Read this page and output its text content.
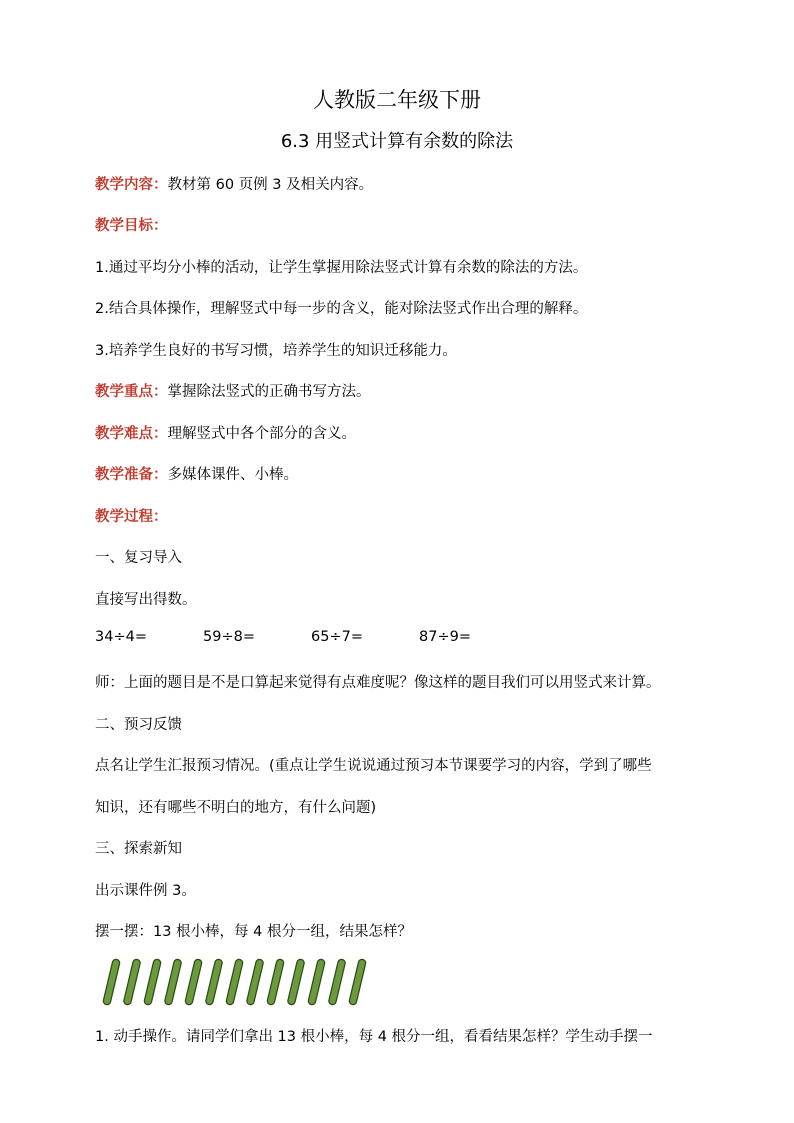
人教版二年级下册
6.3 用竖式计算有余数的除法
教学内容：教材第 60 页例 3 及相关内容。
教学目标：
1.通过平均分小棒的活动，让学生掌握用除法竖式计算有余数的除法的方法。
2.结合具体操作，理解竖式中每一步的含义，能对除法竖式作出合理的解释。
3.培养学生良好的书写习惯，培养学生的知识迁移能力。
教学重点：掌握除法竖式的正确书写方法。
教学难点：理解竖式中各个部分的含义。
教学准备：多媒体课件、小棒。
教学过程：
一、复习导入
直接写出得数。
34÷4=	59÷8=	65÷7=	87÷9=
师：上面的题目是不是口算起来觉得有点难度呢？像这样的题目我们可以用竖式来计算。
二、预习反馈
点名让学生汇报预习情况。(重点让学生说说通过预习本节课要学习的内容，学到了哪些
知识，还有哪些不明白的地方，有什么问题)
三、探索新知
出示课件例 3。
摆一摆：13 根小棒，每 4 根分一组，结果怎样？
1. 动手操作。请同学们拿出 13 根小棒，每 4 根分一组，看看结果怎样？学生动手摆一
